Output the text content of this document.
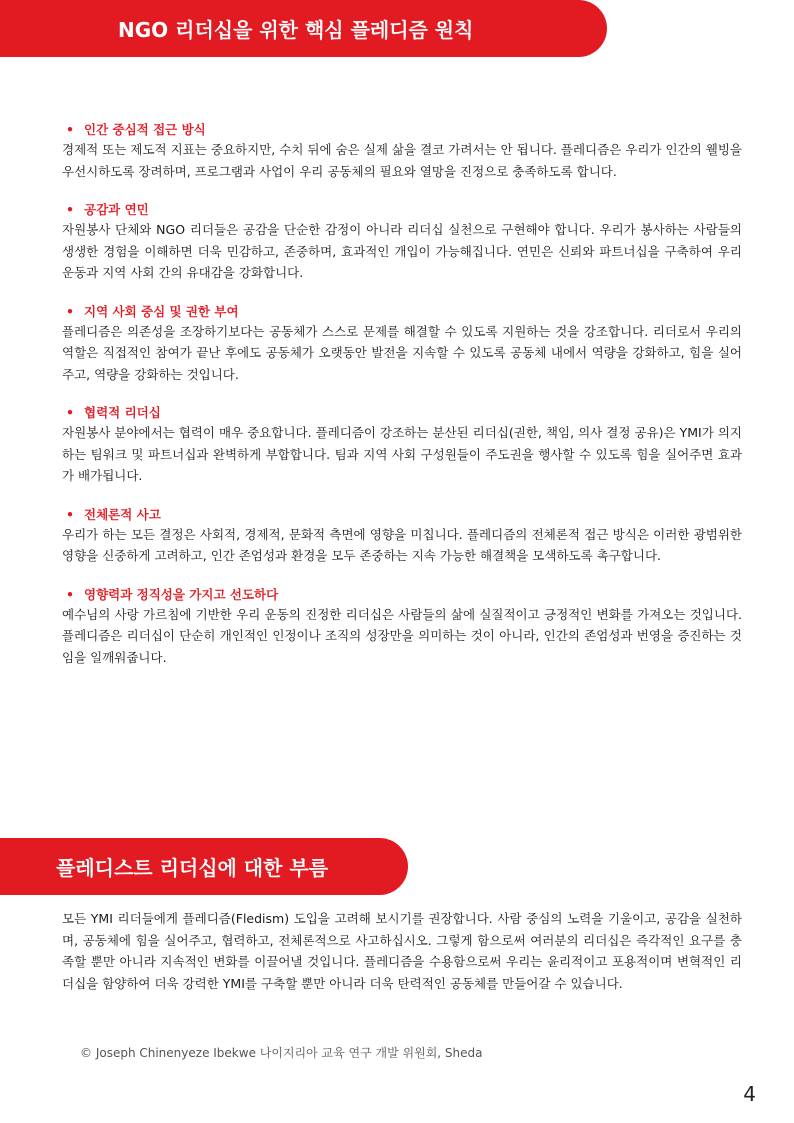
NGO 리더십을 위한 핵심 플레디즘 원칙
• 인간 중심적 접근 방식

경제적 또는 제도적 지표는 중요하지만, 수치 뒤에 숨은 실제 삶을 결코 가려서는 안 됩니다. 플레디즘은 우리가 인간의 웰빙을 우선시하도록 장려하며, 프로그램과 사업이 우리 공동체의 필요와 열망을 진정으로 충족하도록 합니다.

• 공감과 연민

자원봉사 단체와 NGO 리더들은 공감을 단순한 감정이 아니라 리더십 실천으로 구현해야 합니다. 우리가 봉사하는 사람들의 생생한 경험을 이해하면 더욱 민감하고, 존중하며, 효과적인 개입이 가능해집니다. 연민은 신뢰와 파트너십을 구축하여 우리 운동과 지역 사회 간의 유대감을 강화합니다.

• 지역 사회 중심 및 권한 부여

플레디즘은 의존성을 조장하기보다는 공동체가 스스로 문제를 해결할 수 있도록 지원하는 것을 강조합니다. 리더로서 우리의 역할은 직접적인 참여가 끝난 후에도 공동체가 오랫동안 발전을 지속할 수 있도록 공동체 내에서 역량을 강화하고, 힘을 실어주고, 역량을 강화하는 것입니다.

• 협력적 리더십

자원봉사 분야에서는 협력이 매우 중요합니다. 플레디즘이 강조하는 분산된 리더십(권한, 책임, 의사 결정 공유)은 YMI가 의지하는 팀워크 및 파트너십과 완벽하게 부합합니다. 팀과 지역 사회 구성원들이 주도권을 행사할 수 있도록 힘을 실어주면 효과가 배가됩니다.

• 전체론적 사고

우리가 하는 모든 결정은 사회적, 경제적, 문화적 측면에 영향을 미칩니다. 플레디즘의 전체론적 접근 방식은 이러한 광범위한 영향을 신중하게 고려하고, 인간 존엄성과 환경을 모두 존중하는 지속 가능한 해결책을 모색하도록 촉구합니다.

• 영향력과 정직성을 가지고 선도하다

예수님의 사랑 가르침에 기반한 우리 운동의 진정한 리더십은 사람들의 삶에 실질적이고 긍정적인 변화를 가져오는 것입니다. 플레디즘은 리더십이 단순히 개인적인 인정이나 조직의 성장만을 의미하는 것이 아니라, 인간의 존엄성과 번영을 증진하는 것임을 일깨워줍니다.

플레디스트 리더십에 대한 부름

모든 YMI 리더들에게 플레디즘(Fledism) 도입을 고려해 보시기를 권장합니다. 사람 중심의 노력을 기울이고, 공감을 실천하며, 공동체에 힘을 실어주고, 협력하고, 전체론적으로 사고하십시오. 그렇게 함으로써 여러분의 리더십은 즉각적인 요구를 충족할 뿐만 아니라 지속적인 변화를 이끌어낼 것입니다. 플레디즘을 수용함으로써 우리는 윤리적이고 포용적이며 변혁적인 리더십을 함양하여 더욱 강력한 YMI를 구축할 뿐만 아니라 더욱 탄력적인 공동체를 만들어갈 수 있습니다.

© Joseph Chinenyeze Ibekwe 나이지리아 교육 연구 개발 위원회, Sheda
4
